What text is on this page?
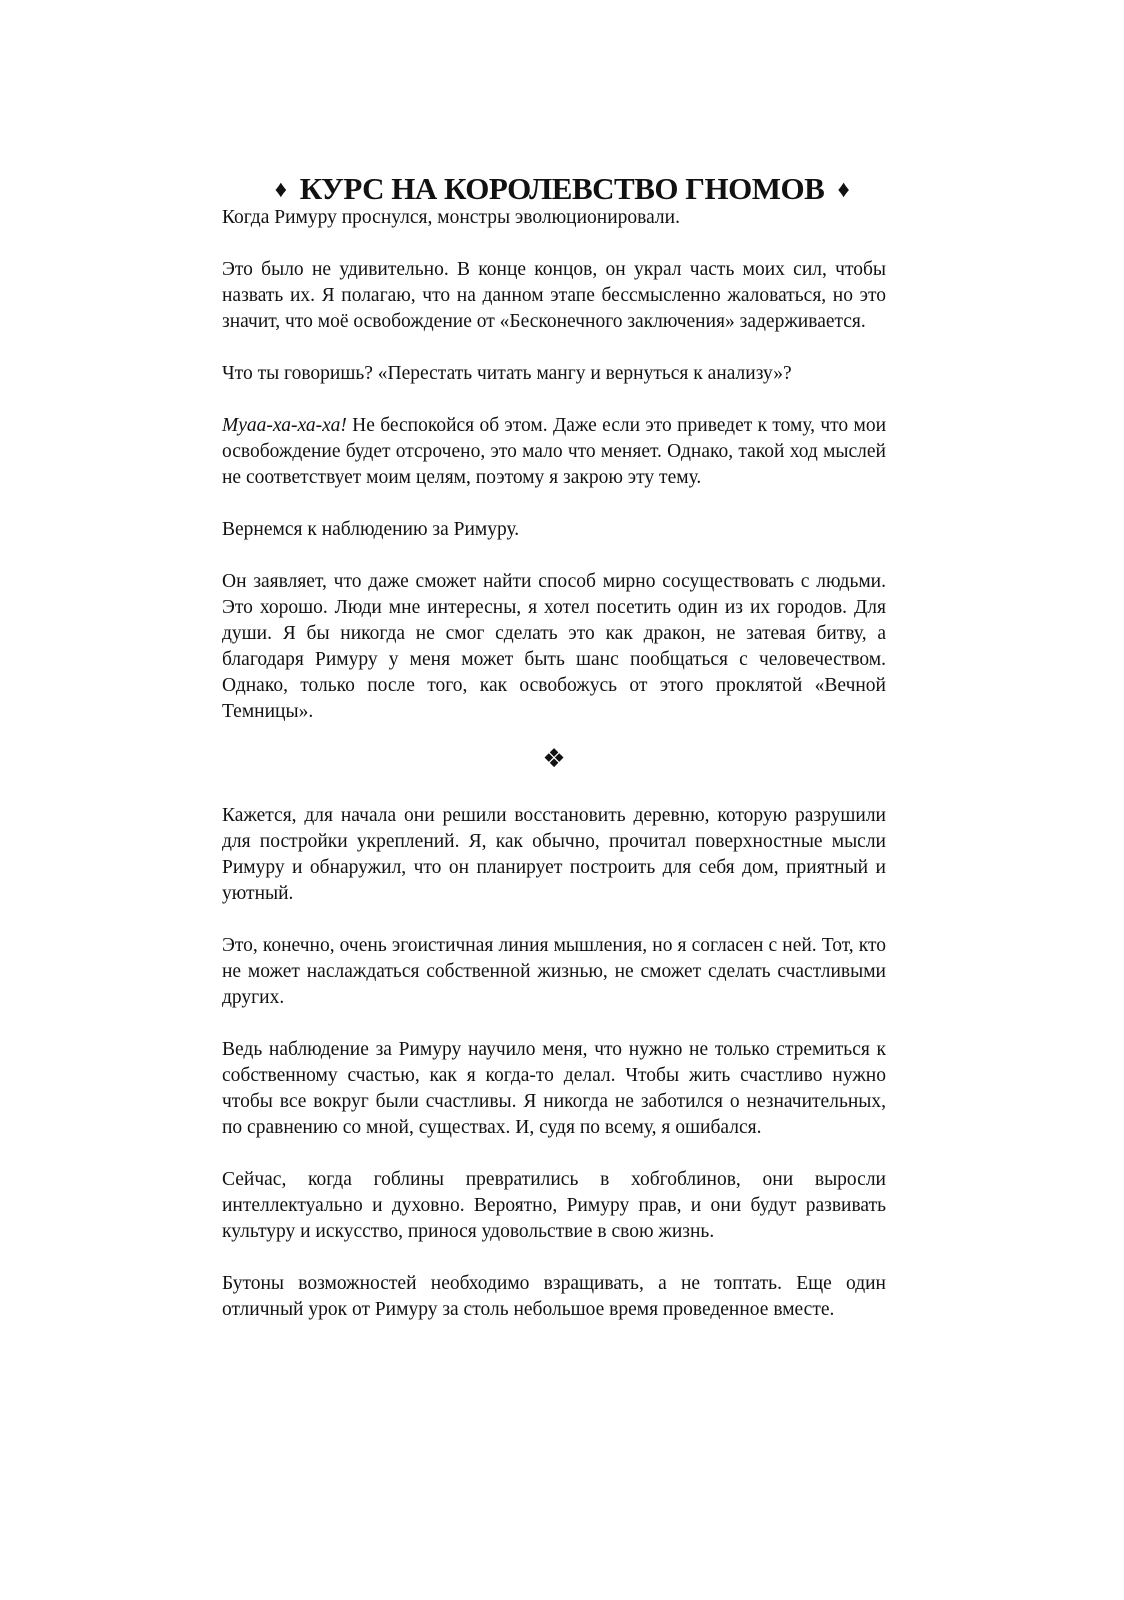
♦ КУРС НА КОРОЛЕВСТВО ГНОМОВ ♦

Когда Римуру проснулся, монстры эволюционировали.

Это было не удивительно. В конце концов, он украл часть моих сил, чтобы назвать их. Я полагаю, что на данном этапе бессмысленно жаловаться, но это значит, что моё освобождение от «Бесконечного заключения» задерживается.

Что ты говоришь? «Перестать читать мангу и вернуться к анализу»?

Муаа-ха-ха-ха! Не беспокойся об этом. Даже если это приведет к тому, что мои освобождение будет отсрочено, это мало что меняет. Однако, такой ход мыслей не соответствует моим целям, поэтому я закрою эту тему.

Вернемся к наблюдению за Римуру.

Он заявляет, что даже сможет найти способ мирно сосуществовать с людьми. Это хорошо. Люди мне интересны, я хотел посетить один из их городов. Для души. Я бы никогда не смог сделать это как дракон, не затевая битву, а благодаря Римуру у меня может быть шанс пообщаться с человечеством. Однако, только после того, как освобожусь от этого проклятой «Вечной Темницы».

❖

Кажется, для начала они решили восстановить деревню, которую разрушили для постройки укреплений. Я, как обычно, прочитал поверхностные мысли Римуру и обнаружил, что он планирует построить для себя дом, приятный и уютный.

Это, конечно, очень эгоистичная линия мышления, но я согласен с ней. Тот, кто не может наслаждаться собственной жизнью, не сможет сделать счастливыми других.

Ведь наблюдение за Римуру научило меня, что нужно не только стремиться к собственному счастью, как я когда-то делал. Чтобы жить счастливо нужно чтобы все вокруг были счастливы. Я никогда не заботился о незначительных, по сравнению со мной, существах. И, судя по всему, я ошибался.

Сейчас, когда гоблины превратились в хобгоблинов, они выросли интеллектуально и духовно. Вероятно, Римуру прав, и они будут развивать культуру и искусство, принося удовольствие в свою жизнь.

Бутоны возможностей необходимо взращивать, а не топтать. Еще один отличный урок от Римуру за столь небольшое время проведенное вместе.
